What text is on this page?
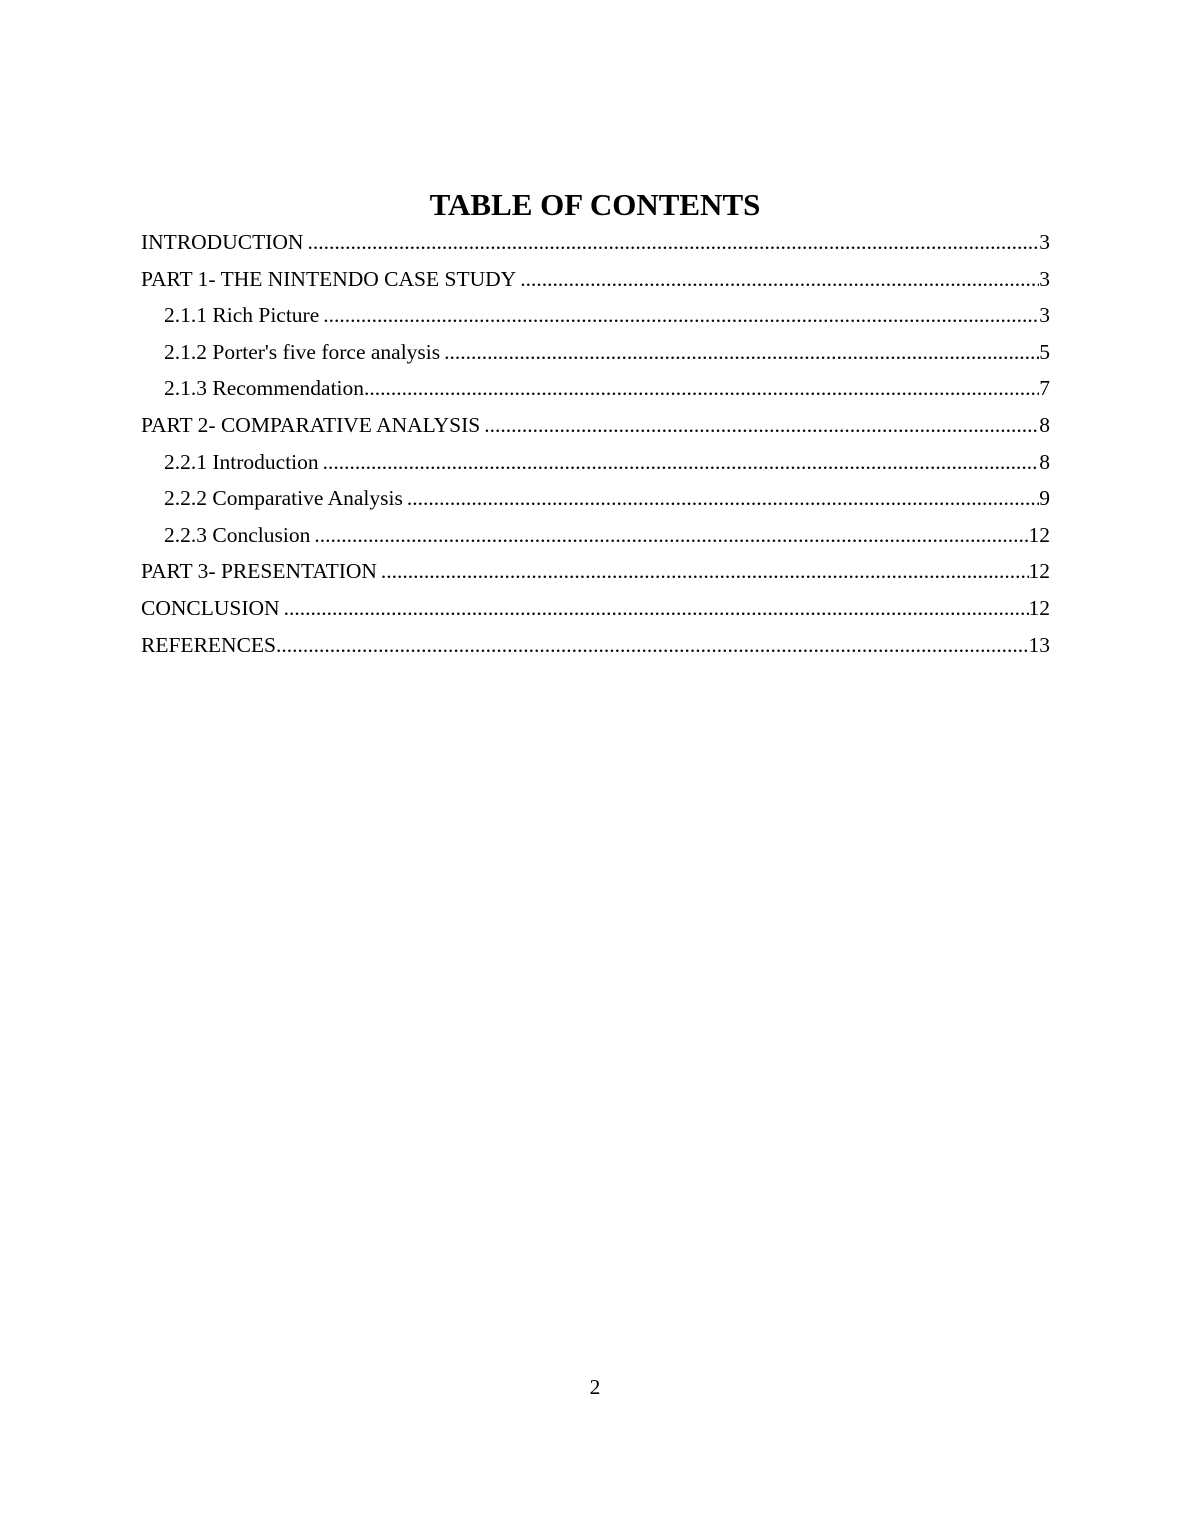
TABLE OF CONTENTS
INTRODUCTION .....	3
PART 1- THE NINTENDO CASE STUDY .....	3
2.1.1 Rich Picture .....	3
2.1.2 Porter's five force analysis .....	5
2.1.3 Recommendation .....	7
PART 2- COMPARATIVE ANALYSIS .....	8
2.2.1 Introduction .....	8
2.2.2 Comparative Analysis .....	9
2.2.3 Conclusion .....	12
PART 3- PRESENTATION .....	12
CONCLUSION .....	12
REFERENCES .....	13
2
